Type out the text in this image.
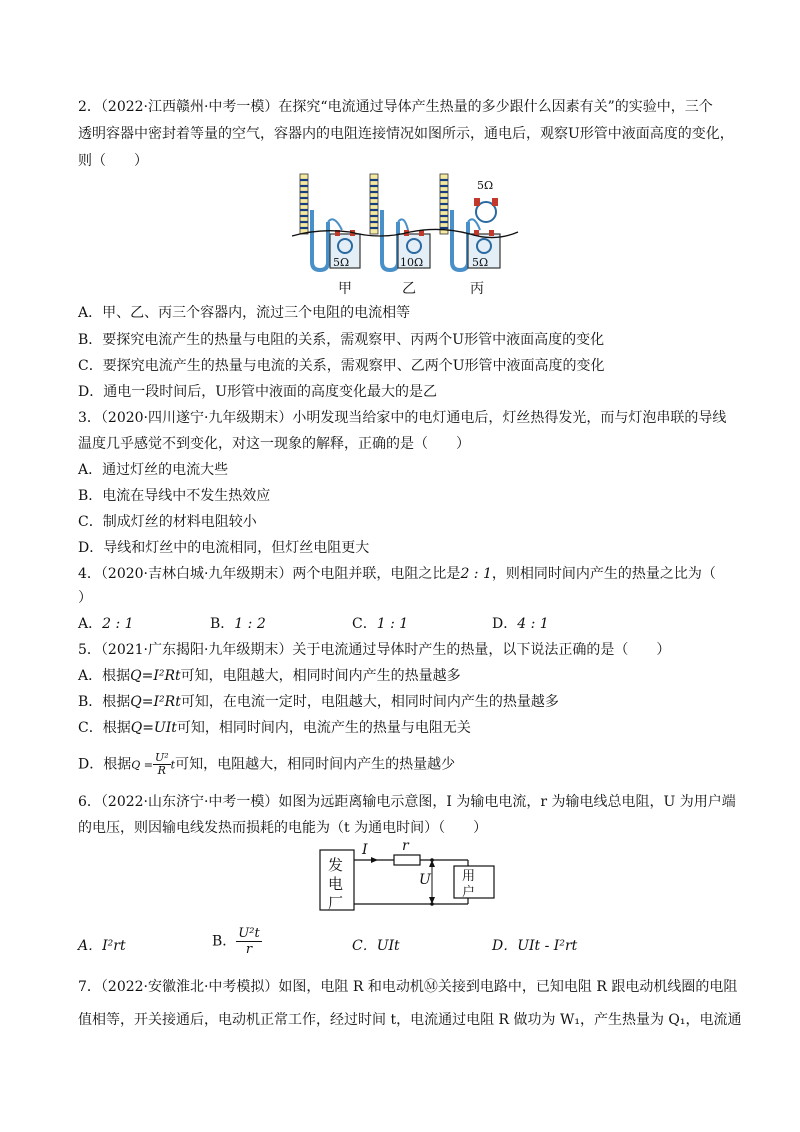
2．（2022·江西赣州·中考一模）在探究“电流通过导体产生热量的多少跟什么因素有关”的实验中，三个
透明容器中密封着等量的空气，容器内的电阻连接情况如图所示，通电后，观察U形管中液面高度的变化，
则（　　）
5Ω
5Ω	10Ω	5Ω
甲	乙	丙
A．甲、乙、丙三个容器内，流过三个电阻的电流相等
B．要探究电流产生的热量与电阻的关系，需观察甲、丙两个U形管中液面高度的变化
C．要探究电流产生的热量与电流的关系，需观察甲、乙两个U形管中液面高度的变化
D．通电一段时间后，U形管中液面的高度变化最大的是乙
3．（2020·四川遂宁·九年级期末）小明发现当给家中的电灯通电后，灯丝热得发光，而与灯泡串联的导线
温度几乎感觉不到变化，对这一现象的解释，正确的是（　　）
A．通过灯丝的电流大些
B．电流在导线中不发生热效应
C．制成灯丝的材料电阻较小
D．导线和灯丝中的电流相同，但灯丝电阻更大
4．（2020·吉林白城·九年级期末）两个电阻并联，电阻之比是2 : 1，则相同时间内产生的热量之比为（
）
A．2 : 1	B．1 : 2	C．1 : 1	D．4 : 1
5．（2021·广东揭阳·九年级期末）关于电流通过导体时产生的热量，以下说法正确的是（　　）
A．根据Q=I²Rt可知，电阻越大，相同时间内产生的热量越多
B．根据Q=I²Rt可知，在电流一定时，电阻越大，相同时间内产生的热量越多
C．根据Q=UIt可知，相同时间内，电流产生的热量与电阻无关
D．根据$Q = \frac{\text{U²}}{R}$ t可知，电阻越大，相同时间内产生的热量越少
6．（2022·山东济宁·中考一模）如图为远距离输电示意图，I 为输电电流，r 为输电线总电阻，U 为用户端
的电压，则因输电线发热而损耗的电能为（t 为通电时间）（　　）
发
电
厂
I r
U 用
户
A．I²rt	B． $\frac{\text{U²t}}{r}$	C．UIt	D．UIt - I²rt
7．（2022·安徽淮北·中考模拟）如图，电阻 R 和电动机Ⓜ关接到电路中，已知电阻 R 跟电动机线圈的电阻
值相等，开关接通后，电动机正常工作，经过时间 t，电流通过电阻 R 做功为 W₁，产生热量为 Q₁，电流通
